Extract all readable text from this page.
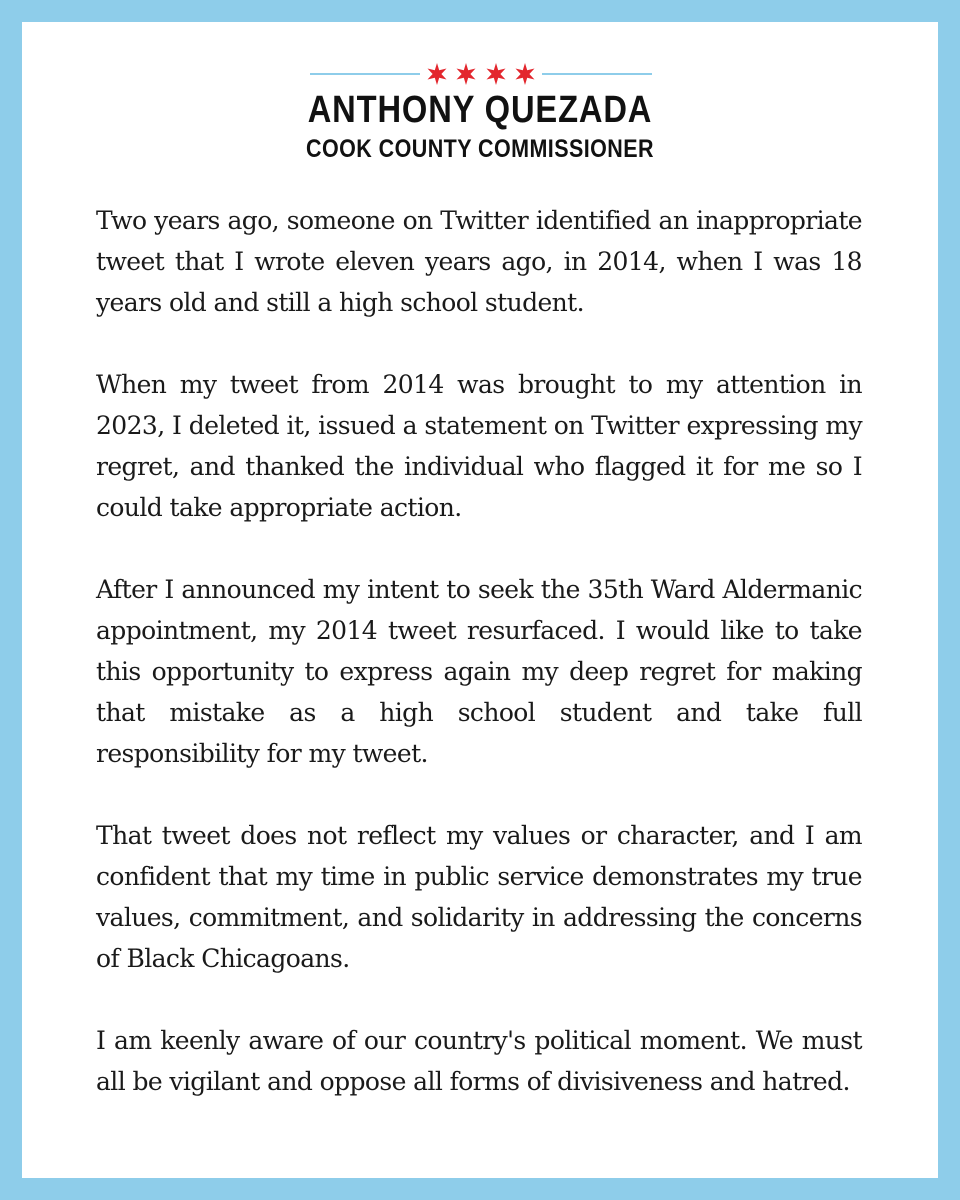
ANTHONY QUEZADA
COOK COUNTY COMMISSIONER

Two years ago, someone on Twitter identified an inappropriate tweet that I wrote eleven years ago, in 2014, when I was 18 years old and still a high school student.

When my tweet from 2014 was brought to my attention in 2023, I deleted it, issued a statement on Twitter expressing my regret, and thanked the individual who flagged it for me so I could take appropriate action.

After I announced my intent to seek the 35th Ward Aldermanic appointment, my 2014 tweet resurfaced. I would like to take this opportunity to express again my deep regret for making that mistake as a high school student and take full responsibility for my tweet.

That tweet does not reflect my values or character, and I am confident that my time in public service demonstrates my true values, commitment, and solidarity in addressing the concerns of Black Chicagoans.

I am keenly aware of our country's political moment. We must all be vigilant and oppose all forms of divisiveness and hatred.
